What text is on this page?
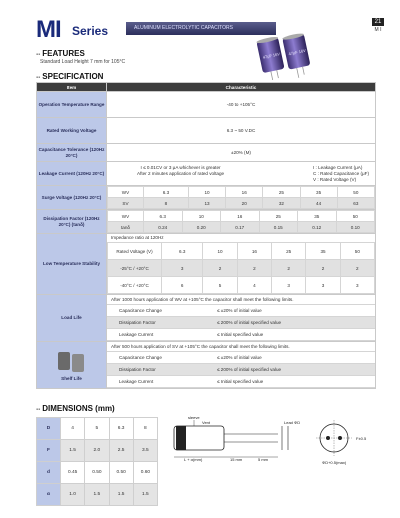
MI Series	ALUMINUM ELECTROLYTIC CAPACITORS
21
M I
47μF 16V 47μF 16V
▪▪ FEATURES
Standard Load Height 7 mm for 105°C
▪▪ SPECIFICATION
Item	Characteristic
Operation Temperature Range	-40 to +105°C
Rated Working Voltage	6.3 ~ 50 V.DC
Capacitance Tolerance (120Hz 20°C)	±20% (M)
Leakage Current (120Hz 20°C)	
I ≤ 0.01CV or 3 μA whichever is greater
After 2 minutes application of rated voltage
I : Leakage Current (μA)
C : Rated Capacitance (μF)
V : Rated Voltage (V)

Surge Voltage (120Hz 20°C)	
WV	6.3	10	16	25	35	50
SV	8	13	20	32	44	63

Dissipation Factor (120Hz 20°C) (tanδ)	
WV	6.3	10	16	25	35	50
tanδ	0.24	0.20	0.17	0.15	0.12	0.10

Low Temperature Stability	
Impedance ratio at 120Hz
Rated Voltage (V)	6.3	10	16	25	35	50
-25°C / +20°C	3	2	2	2	2	2
-40°C / +20°C	6	5	4	3	3	3

Load Life	
After 1000 hours application of WV at +105°C the capacitor shall meet the following limits.
Capacitance Change	≤ ±20% of initial value
Dissipation Factor	≤ 200% of initial specified value
Leakage Current	≤ Initial specified value

Shelf Life	
After 500 hours application of SV at +105°C the capacitor shall meet the following limits.
Capacitance Change	≤ ±20% of initial value
Dissipation Factor	≤ 200% of initial specified value
Leakage Current	≤ Initial specified value
▪▪ DIMENSIONS (mm)
D	4	5	6.3	8
F	1.5	2.0	2.5	3.5
d	0.45	0.50	0.50	0.60
α	1.0	1.5	1.5	1.5
sleeve
Vent
L + α(mm)	15 mm	5 mm
Lead ΦD
F±0.5
ΦD+0.5(max)
